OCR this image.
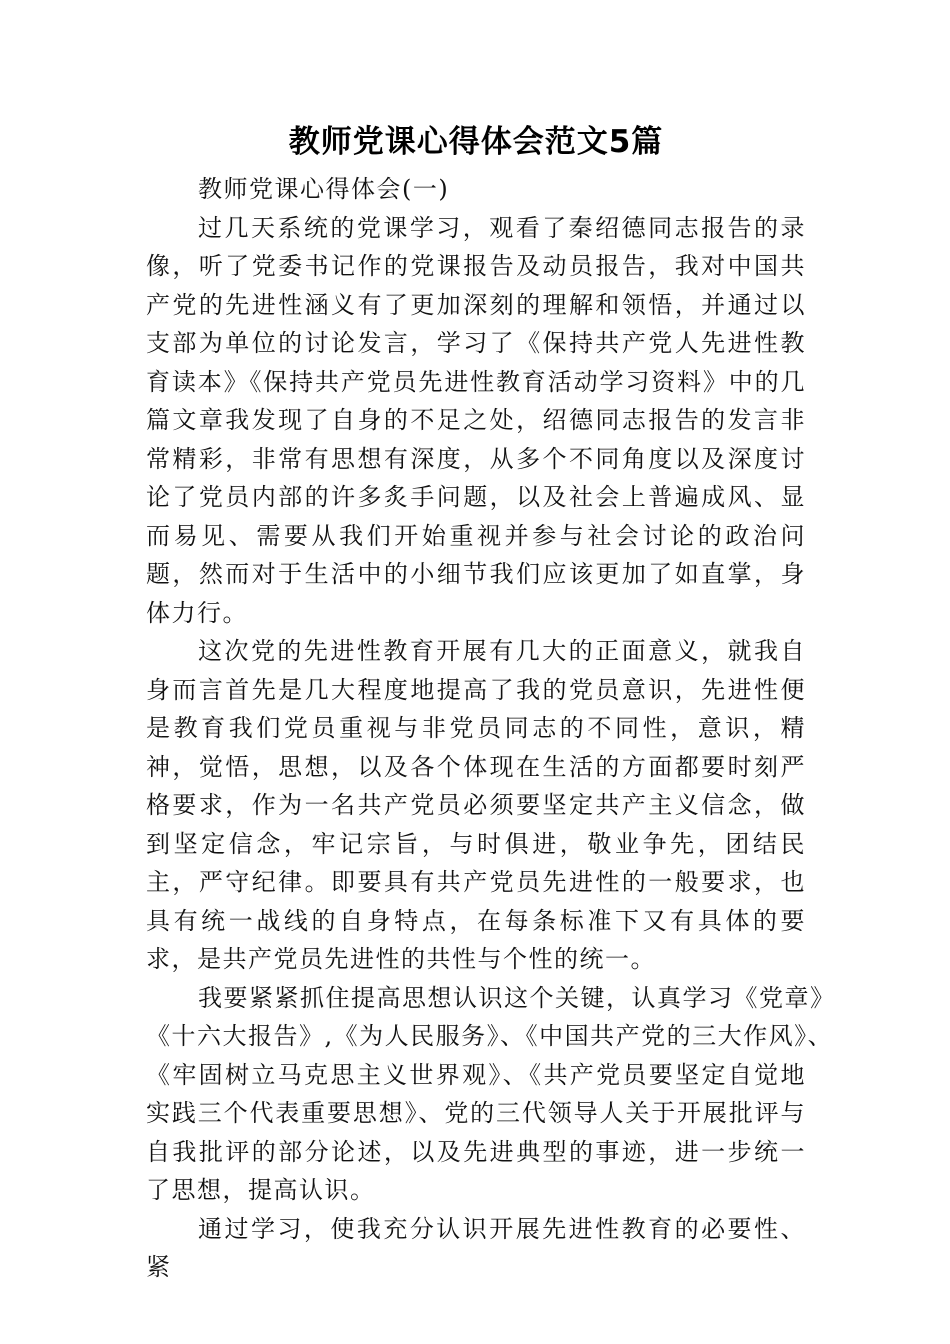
教师党课心得体会范文5篇

教师党课心得体会(一)

过几天系统的党课学习，观看了秦绍德同志报告的录像，听了党委书记作的党课报告及动员报告，我对中国共产党的先进性涵义有了更加深刻的理解和领悟，并通过以支部为单位的讨论发言，学习了《保持共产党人先进性教育读本》《保持共产党员先进性教育活动学习资料》中的几篇文章我发现了自身的不足之处，绍德同志报告的发言非常精彩，非常有思想有深度，从多个不同角度以及深度讨论了党员内部的许多炙手问题，以及社会上普遍成风、显而易见、需要从我们开始重视并参与社会讨论的政治问题，然而对于生活中的小细节我们应该更加了如直掌，身体力行。

这次党的先进性教育开展有几大的正面意义，就我自身而言首先是几大程度地提高了我的党员意识，先进性便是教育我们党员重视与非党员同志的不同性，意识，精神，觉悟，思想，以及各个体现在生活的方面都要时刻严格要求，作为一名共产党员必须要坚定共产主义信念，做到坚定信念，牢记宗旨，与时俱进，敬业争先，团结民主，严守纪律。即要具有共产党员先进性的一般要求，也具有统一战线的自身特点，在每条标准下又有具体的要求，是共产党员先进性的共性与个性的统一。

我要紧紧抓住提高思想认识这个关键，认真学习《党章》
《十六大报告》,《为人民服务》、《中国共产党的三大作风》、

《牢固树立马克思主义世界观》、《共产党员要坚定自觉地实践三个代表重要思想》、党的三代领导人关于开展批评与自我批评的部分论述，以及先进典型的事迹，进一步统一了思想，提高认识。

通过学习，使我充分认识开展先进性教育的必要性、紧
